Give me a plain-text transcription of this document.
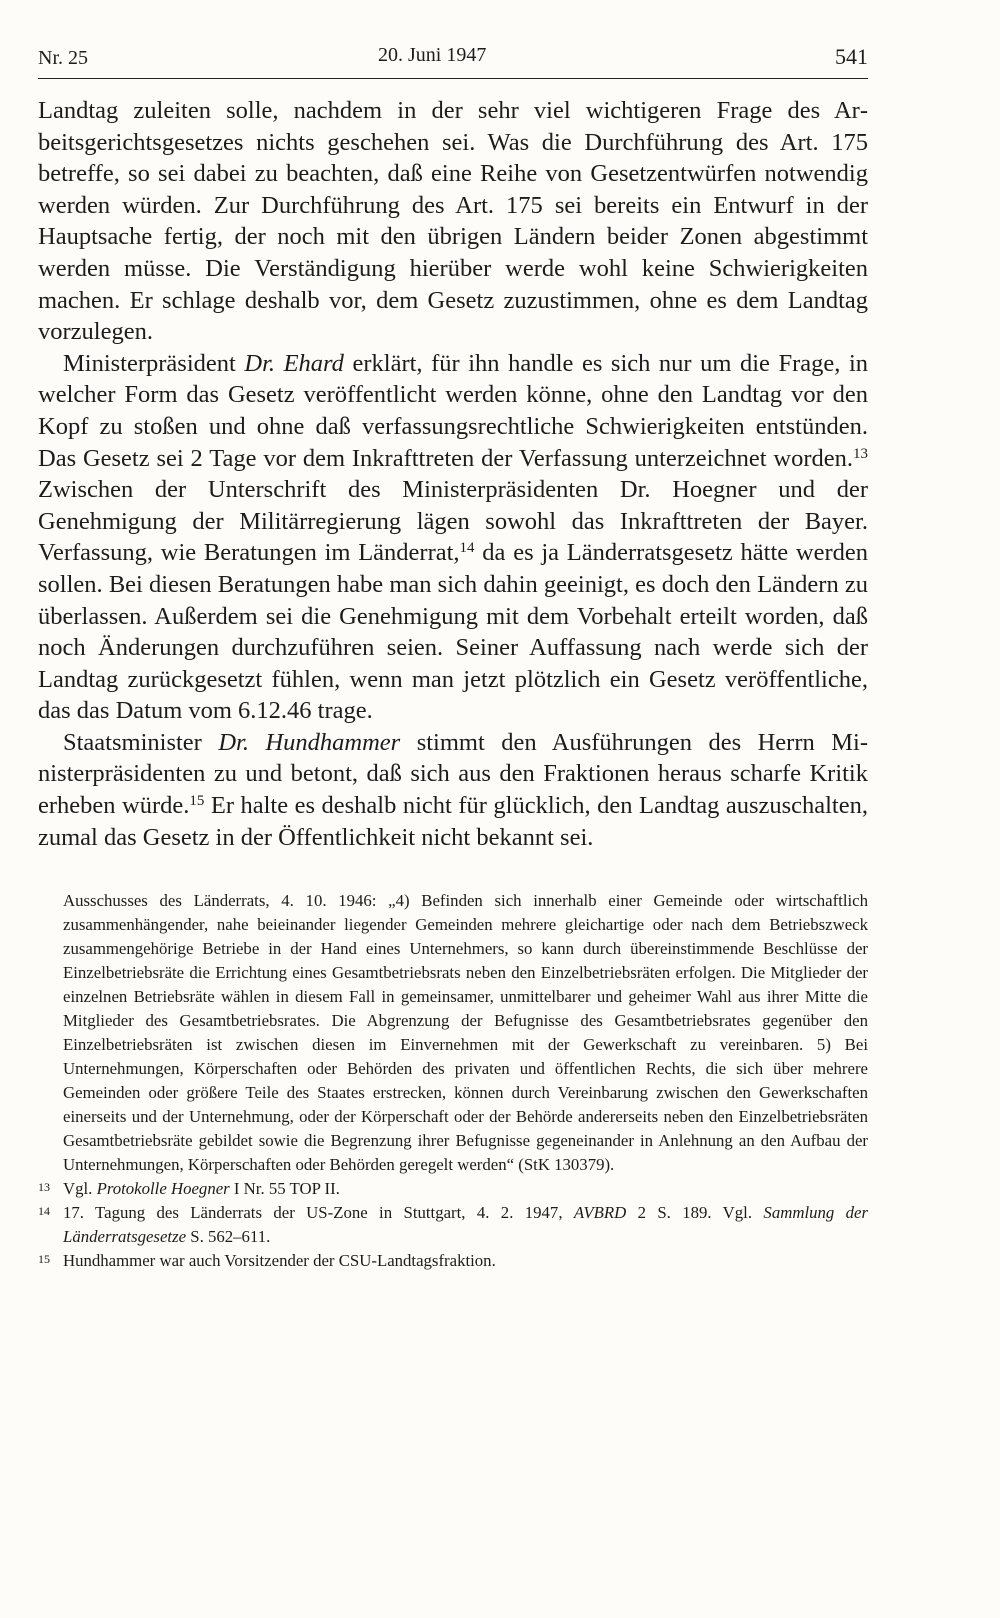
Nr. 25	20. Juni 1947	541

Landtag zuleiten solle, nachdem in der sehr viel wichtigeren Frage des Arbeitsgerichtsgesetzes nichts geschehen sei. Was die Durchführung des Art. 175 betreffe, so sei dabei zu beachten, daß eine Reihe von Gesetzentwürfen notwendig werden würden. Zur Durchführung des Art. 175 sei bereits ein Entwurf in der Hauptsache fertig, der noch mit den übrigen Ländern beider Zonen abgestimmt werden müsse. Die Verständigung hierüber werde wohl keine Schwierigkeiten machen. Er schlage deshalb vor, dem Gesetz zuzustimmen, ohne es dem Landtag vorzulegen.

Ministerpräsident Dr. Ehard erklärt, für ihn handle es sich nur um die Frage, in welcher Form das Gesetz veröffentlicht werden könne, ohne den Landtag vor den Kopf zu stoßen und ohne daß verfassungsrechtliche Schwierigkeiten entstünden. Das Gesetz sei 2 Tage vor dem Inkrafttreten der Verfassung unterzeichnet worden.$^{13}$ Zwischen der Unterschrift des Ministerpräsidenten Dr. Hoegner und der Genehmigung der Militärregierung lägen sowohl das Inkrafttreten der Bayer. Verfassung, wie Beratungen im Länderrat,$^{14}$ da es ja Länderratsgesetz hätte werden sollen. Bei diesen Beratungen habe man sich dahin geeinigt, es doch den Ländern zu überlassen. Außerdem sei die Genehmigung mit dem Vorbehalt erteilt worden, daß noch Änderungen durchzuführen seien. Seiner Auffassung nach werde sich der Landtag zurückgesetzt fühlen, wenn man jetzt plötzlich ein Gesetz veröffentliche, das das Datum vom 6.12.46 trage.

Staatsminister Dr. Hundhammer stimmt den Ausführungen des Herrn Ministerpräsidenten zu und betont, daß sich aus den Fraktionen heraus scharfe Kritik erheben würde.$^{15}$ Er halte es deshalb nicht für glücklich, den Landtag auszuschalten, zumal das Gesetz in der Öffentlichkeit nicht bekannt sei.

Ausschusses des Länderrats, 4. 10. 1946: „4) Befinden sich innerhalb einer Gemeinde oder wirtschaftlich zusammenhängender, nahe beieinander liegender Gemeinden mehrere gleichartige oder nach dem Betriebszweck zusammengehörige Betriebe in der Hand eines Unternehmers, so kann durch übereinstimmende Beschlüsse der Einzelbetriebsräte die Errichtung eines Gesamtbetriebsrats neben den Einzelbetriebsräten erfolgen. Die Mitglieder der einzelnen Betriebsräte wählen in diesem Fall in gemeinsamer, unmittelbarer und geheimer Wahl aus ihrer Mitte die Mitglieder des Gesamtbetriebsrates. Die Abgrenzung der Befugnisse des Gesamtbetriebsrates gegenüber den Einzelbetriebsräten ist zwischen diesen im Einvernehmen mit der Gewerkschaft zu vereinbaren. 5) Bei Unternehmungen, Körperschaften oder Behörden des privaten und öffentlichen Rechts, die sich über mehrere Gemeinden oder größere Teile des Staates erstrecken, können durch Vereinbarung zwischen den Gewerkschaften einerseits und der Unternehmung, oder der Körperschaft oder der Behörde andererseits neben den Einzelbetriebsräten Gesamtbetriebsräte gebildet sowie die Begrenzung ihrer Befugnisse gegeneinander in Anlehnung an den Aufbau der Unternehmungen, Körperschaften oder Behörden geregelt werden“ (StK 130379).

13 Vgl. Protokolle Hoegner I Nr. 55 TOP II.
14 17. Tagung des Länderrats der US-Zone in Stuttgart, 4. 2. 1947, AVBRD 2 S. 189. Vgl. Sammlung der Länderratsgesetze S. 562–611.
15 Hundhammer war auch Vorsitzender der CSU-Landtagsfraktion.
